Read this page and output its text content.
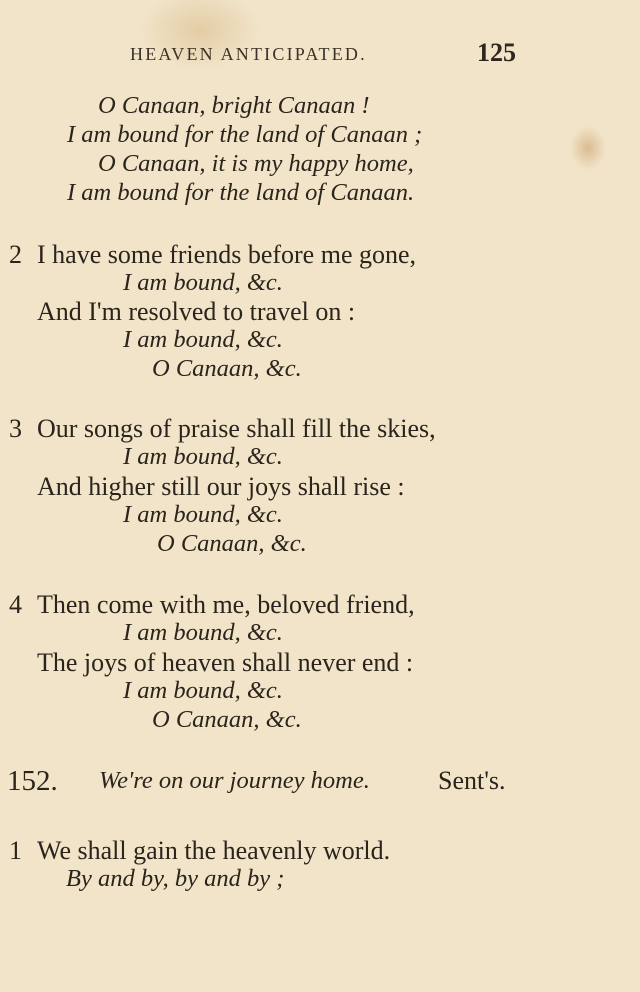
HEAVEN ANTICIPATED.	125
O Canaan, bright Canaan !
I am bound for the land of Canaan ;
O Canaan, it is my happy home,
I am bound for the land of Canaan.
2 I have some friends before me gone,
I am bound, &c.
And I'm resolved to travel on :
I am bound, &c.
O Canaan, &c.
3 Our songs of praise shall fill the skies,
I am bound, &c.
And higher still our joys shall rise :
I am bound, &c.
O Canaan, &c.
4 Then come with me, beloved friend,
I am bound, &c.
The joys of heaven shall never end :
I am bound, &c.
O Canaan, &c.
152. We're on our journey home.	Sent's.
1 We shall gain the heavenly world.
By and by, by and by ;
